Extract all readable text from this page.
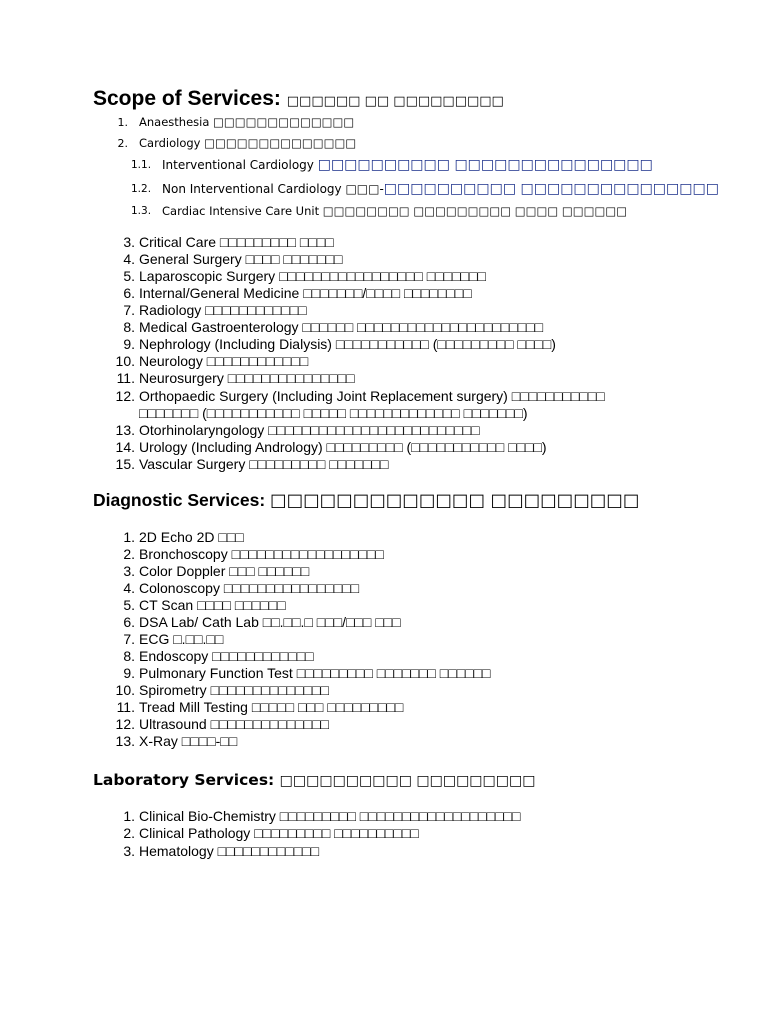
Scope of Services: □□□□□□ □□ □□□□□□□□□
1. Anaesthesia □□□□□□□□□□□□□
2. Cardiology □□□□□□□□□□□□□□
1.1. Interventional Cardiology □□□□□□□□□□ □□□□□□□□□□□□□□□
1.2. Non Interventional Cardiology □□□-□□□□□□□□□□ □□□□□□□□□□□□□□□
1.3. Cardiac Intensive Care Unit □□□□□□□□ □□□□□□□□□ □□□□ □□□□□□
3. Critical Care □□□□□□□□□ □□□□
4. General Surgery □□□□ □□□□□□□
5. Laparoscopic Surgery □□□□□□□□□□□□□□□□□ □□□□□□□
6. Internal/General Medicine □□□□□□□/□□□□ □□□□□□□□
7. Radiology □□□□□□□□□□□□
8. Medical Gastroenterology □□□□□□ □□□□□□□□□□□□□□□□□□□□□□
9. Nephrology (Including Dialysis) □□□□□□□□□□□ (□□□□□□□□□ □□□□)
10. Neurology □□□□□□□□□□□□
11. Neurosurgery □□□□□□□□□□□□□□□
12. Orthopaedic Surgery (Including Joint Replacement surgery) □□□□□□□□□□□
□□□□□□□ (□□□□□□□□□□□ □□□□□ □□□□□□□□□□□□□ □□□□□□□)
13. Otorhinolaryngology □□□□□□□□□□□□□□□□□□□□□□□□□
14. Urology (Including Andrology) □□□□□□□□□ (□□□□□□□□□□□ □□□□)
15. Vascular Surgery □□□□□□□□□ □□□□□□□
Diagnostic Services: □□□□□□□□□□□□□ □□□□□□□□□
1. 2D Echo 2D □□□
2. Bronchoscopy □□□□□□□□□□□□□□□□□□
3. Color Doppler □□□ □□□□□□
4. Colonoscopy □□□□□□□□□□□□□□□□
5. CT Scan □□□□ □□□□□□
6. DSA Lab/ Cath Lab □□.□□.□ □□□/□□□ □□□
7. ECG □.□□.□□
8. Endoscopy □□□□□□□□□□□□
9. Pulmonary Function Test □□□□□□□□□ □□□□□□□ □□□□□□
10. Spirometry □□□□□□□□□□□□□□
11. Tread Mill Testing □□□□□ □□□ □□□□□□□□□
12. Ultrasound □□□□□□□□□□□□□□
13. X-Ray □□□□-□□
Laboratory Services: □□□□□□□□□□ □□□□□□□□□
1. Clinical Bio-Chemistry □□□□□□□□□ □□□□□□□□□□□□□□□□□□□
2. Clinical Pathology □□□□□□□□□ □□□□□□□□□□
3. Hematology □□□□□□□□□□□□
